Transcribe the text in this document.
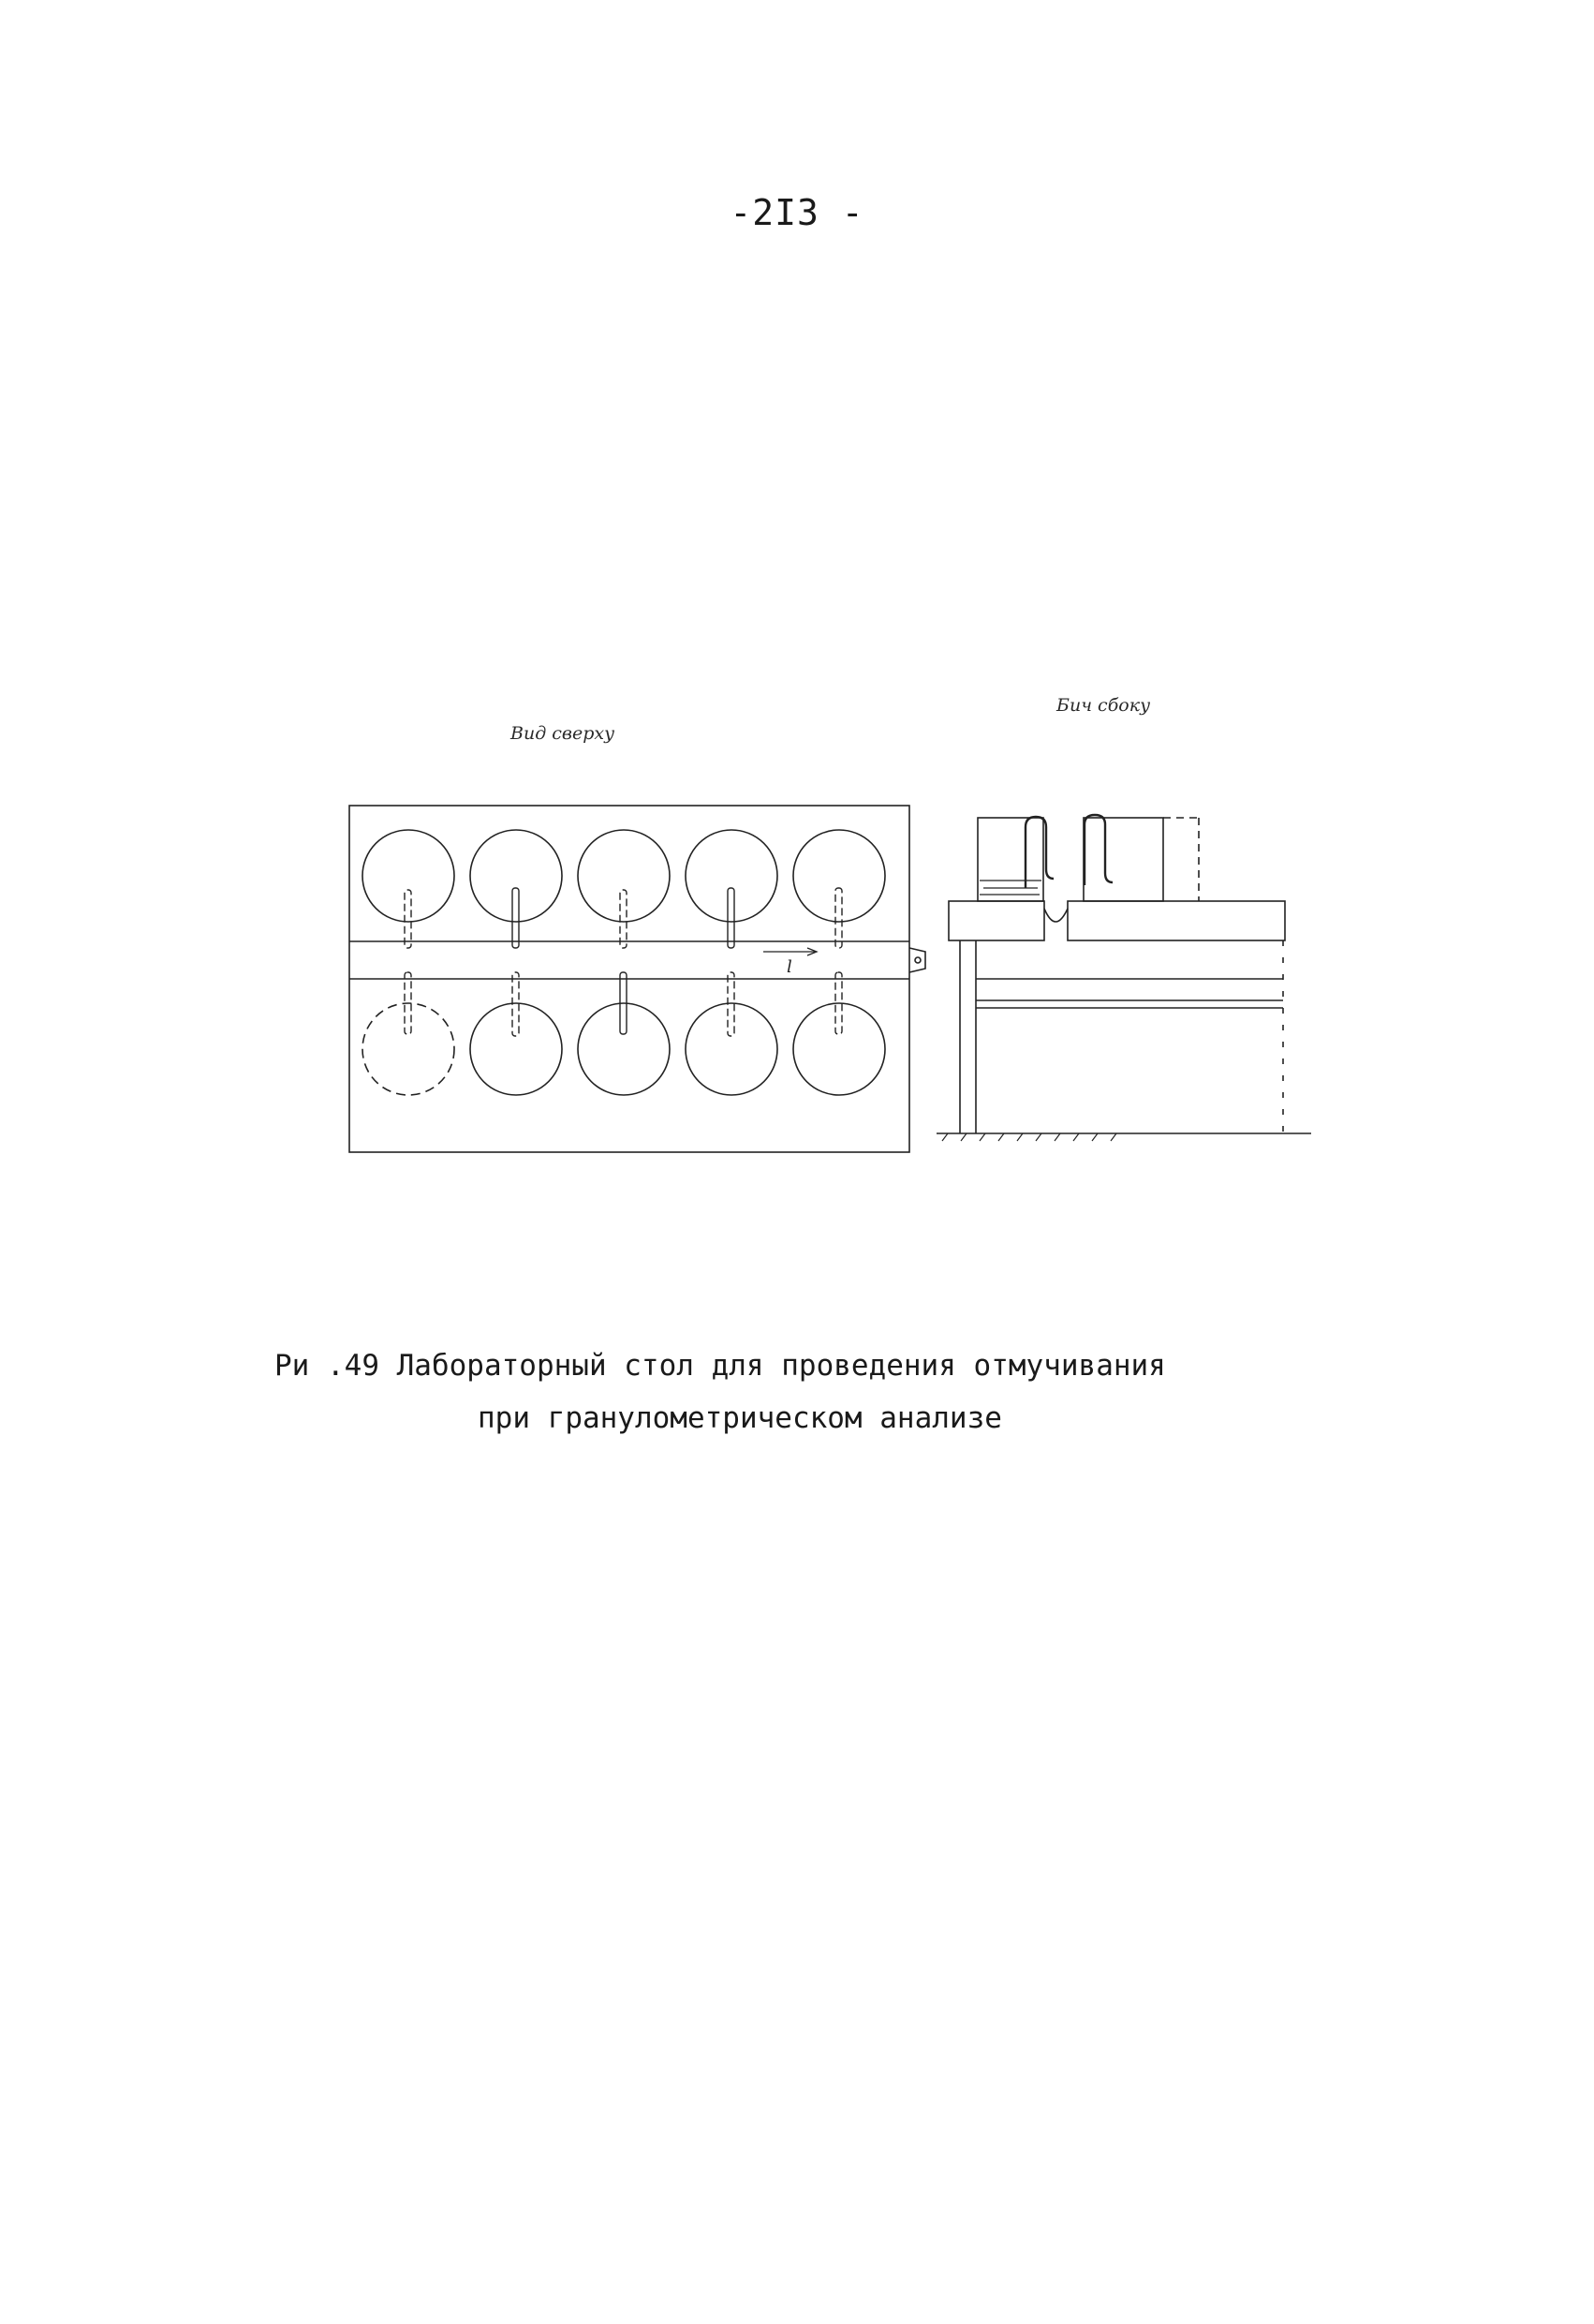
-2I3 -
Вид сверху
Бич сбоку
l
Ри .49 Лабораторный стол для проведения отмучивания
при гранулометрическом анализе
